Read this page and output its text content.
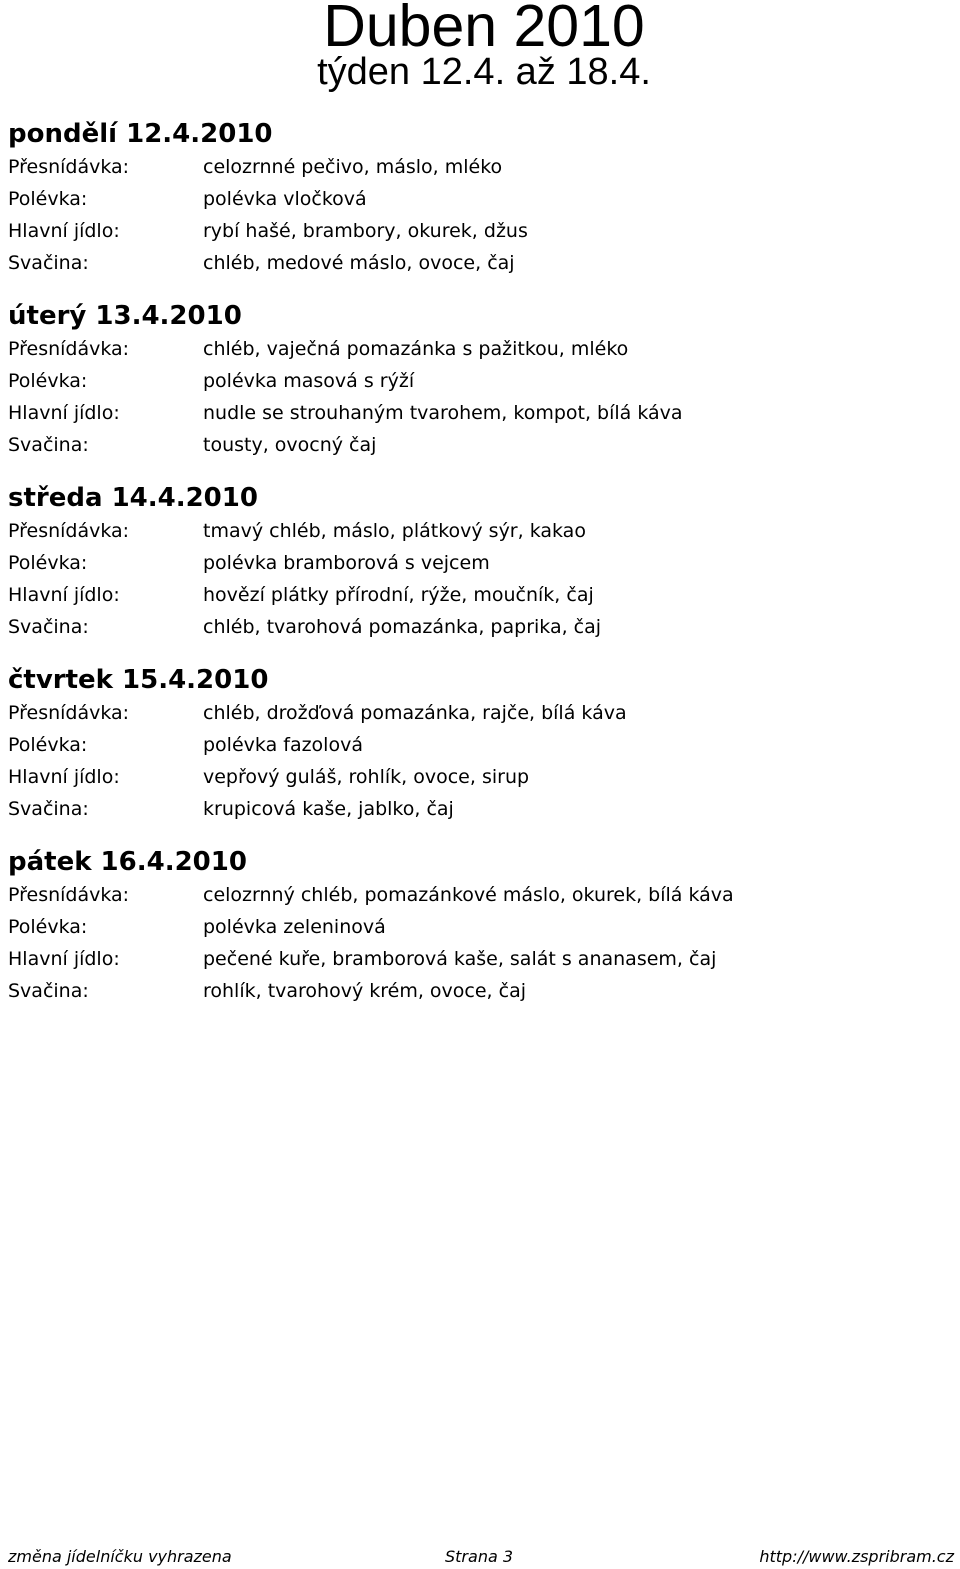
Duben 2010
týden 12.4. až 18.4.
pondělí 12.4.2010
Přesnídávka:	celozrnné pečivo, máslo, mléko
Polévka:	polévka vločková
Hlavní jídlo:	rybí hašé, brambory, okurek, džus
Svačina:	chléb, medové máslo, ovoce, čaj
úterý 13.4.2010
Přesnídávka:	chléb, vaječná pomazánka s pažitkou, mléko
Polévka:	polévka masová s rýží
Hlavní jídlo:	nudle se strouhaným tvarohem, kompot, bílá káva
Svačina:	tousty, ovocný čaj
středa 14.4.2010
Přesnídávka:	tmavý chléb, máslo, plátkový sýr, kakao
Polévka:	polévka bramborová s vejcem
Hlavní jídlo:	hovězí plátky přírodní, rýže, moučník, čaj
Svačina:	chléb, tvarohová pomazánka, paprika, čaj
čtvrtek 15.4.2010
Přesnídávka:	chléb, drožďová pomazánka, rajče, bílá káva
Polévka:	polévka fazolová
Hlavní jídlo:	vepřový guláš, rohlík, ovoce, sirup
Svačina:	krupicová kaše, jablko, čaj
pátek 16.4.2010
Přesnídávka:	celozrnný chléb, pomazánkové máslo, okurek, bílá káva
Polévka:	polévka zeleninová
Hlavní jídlo:	pečené kuře, bramborová kaše, salát s ananasem, čaj
Svačina:	rohlík, tvarohový krém, ovoce, čaj
změna jídelníčku vyhrazena	Strana 3	http://www.zspribram.cz
